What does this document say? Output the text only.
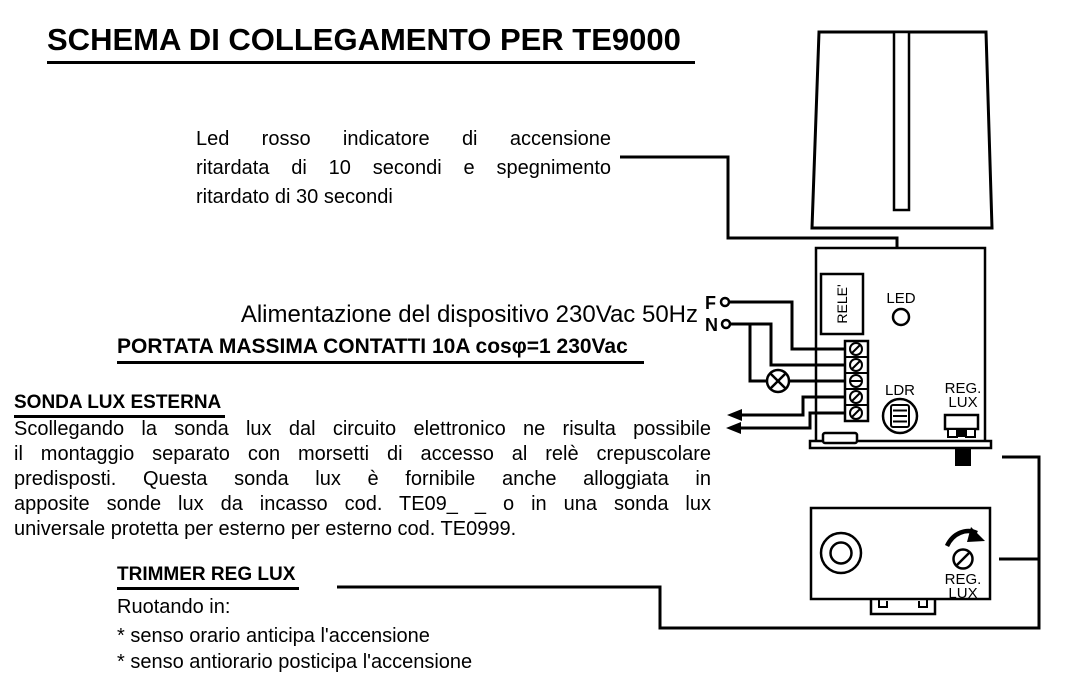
SCHEMA DI COLLEGAMENTO PER TE9000
Led rosso indicatore di accensione
ritardata di 10 secondi e spegnimento
ritardato di 30 secondi
Alimentazione del dispositivo 230Vac 50Hz
PORTATA MASSIMA CONTATTI 10A cosφ=1 230Vac
SONDA LUX ESTERNA
Scollegando la sonda lux dal circuito elettronico ne risulta possibile
il montaggio separato con morsetti di accesso al relè crepuscolare
predisposti. Questa sonda lux è fornibile anche alloggiata in
apposite sonde lux da incasso cod. TE09_ _ o in una sonda lux
universale protetta per esterno per esterno cod. TE0999.
TRIMMER REG LUX
Ruotando in:
* senso orario anticipa l'accensione
* senso antiorario posticipa l'accensione
RELE' LED
F
N
LDR REG.
LUX
REG.
LUX
